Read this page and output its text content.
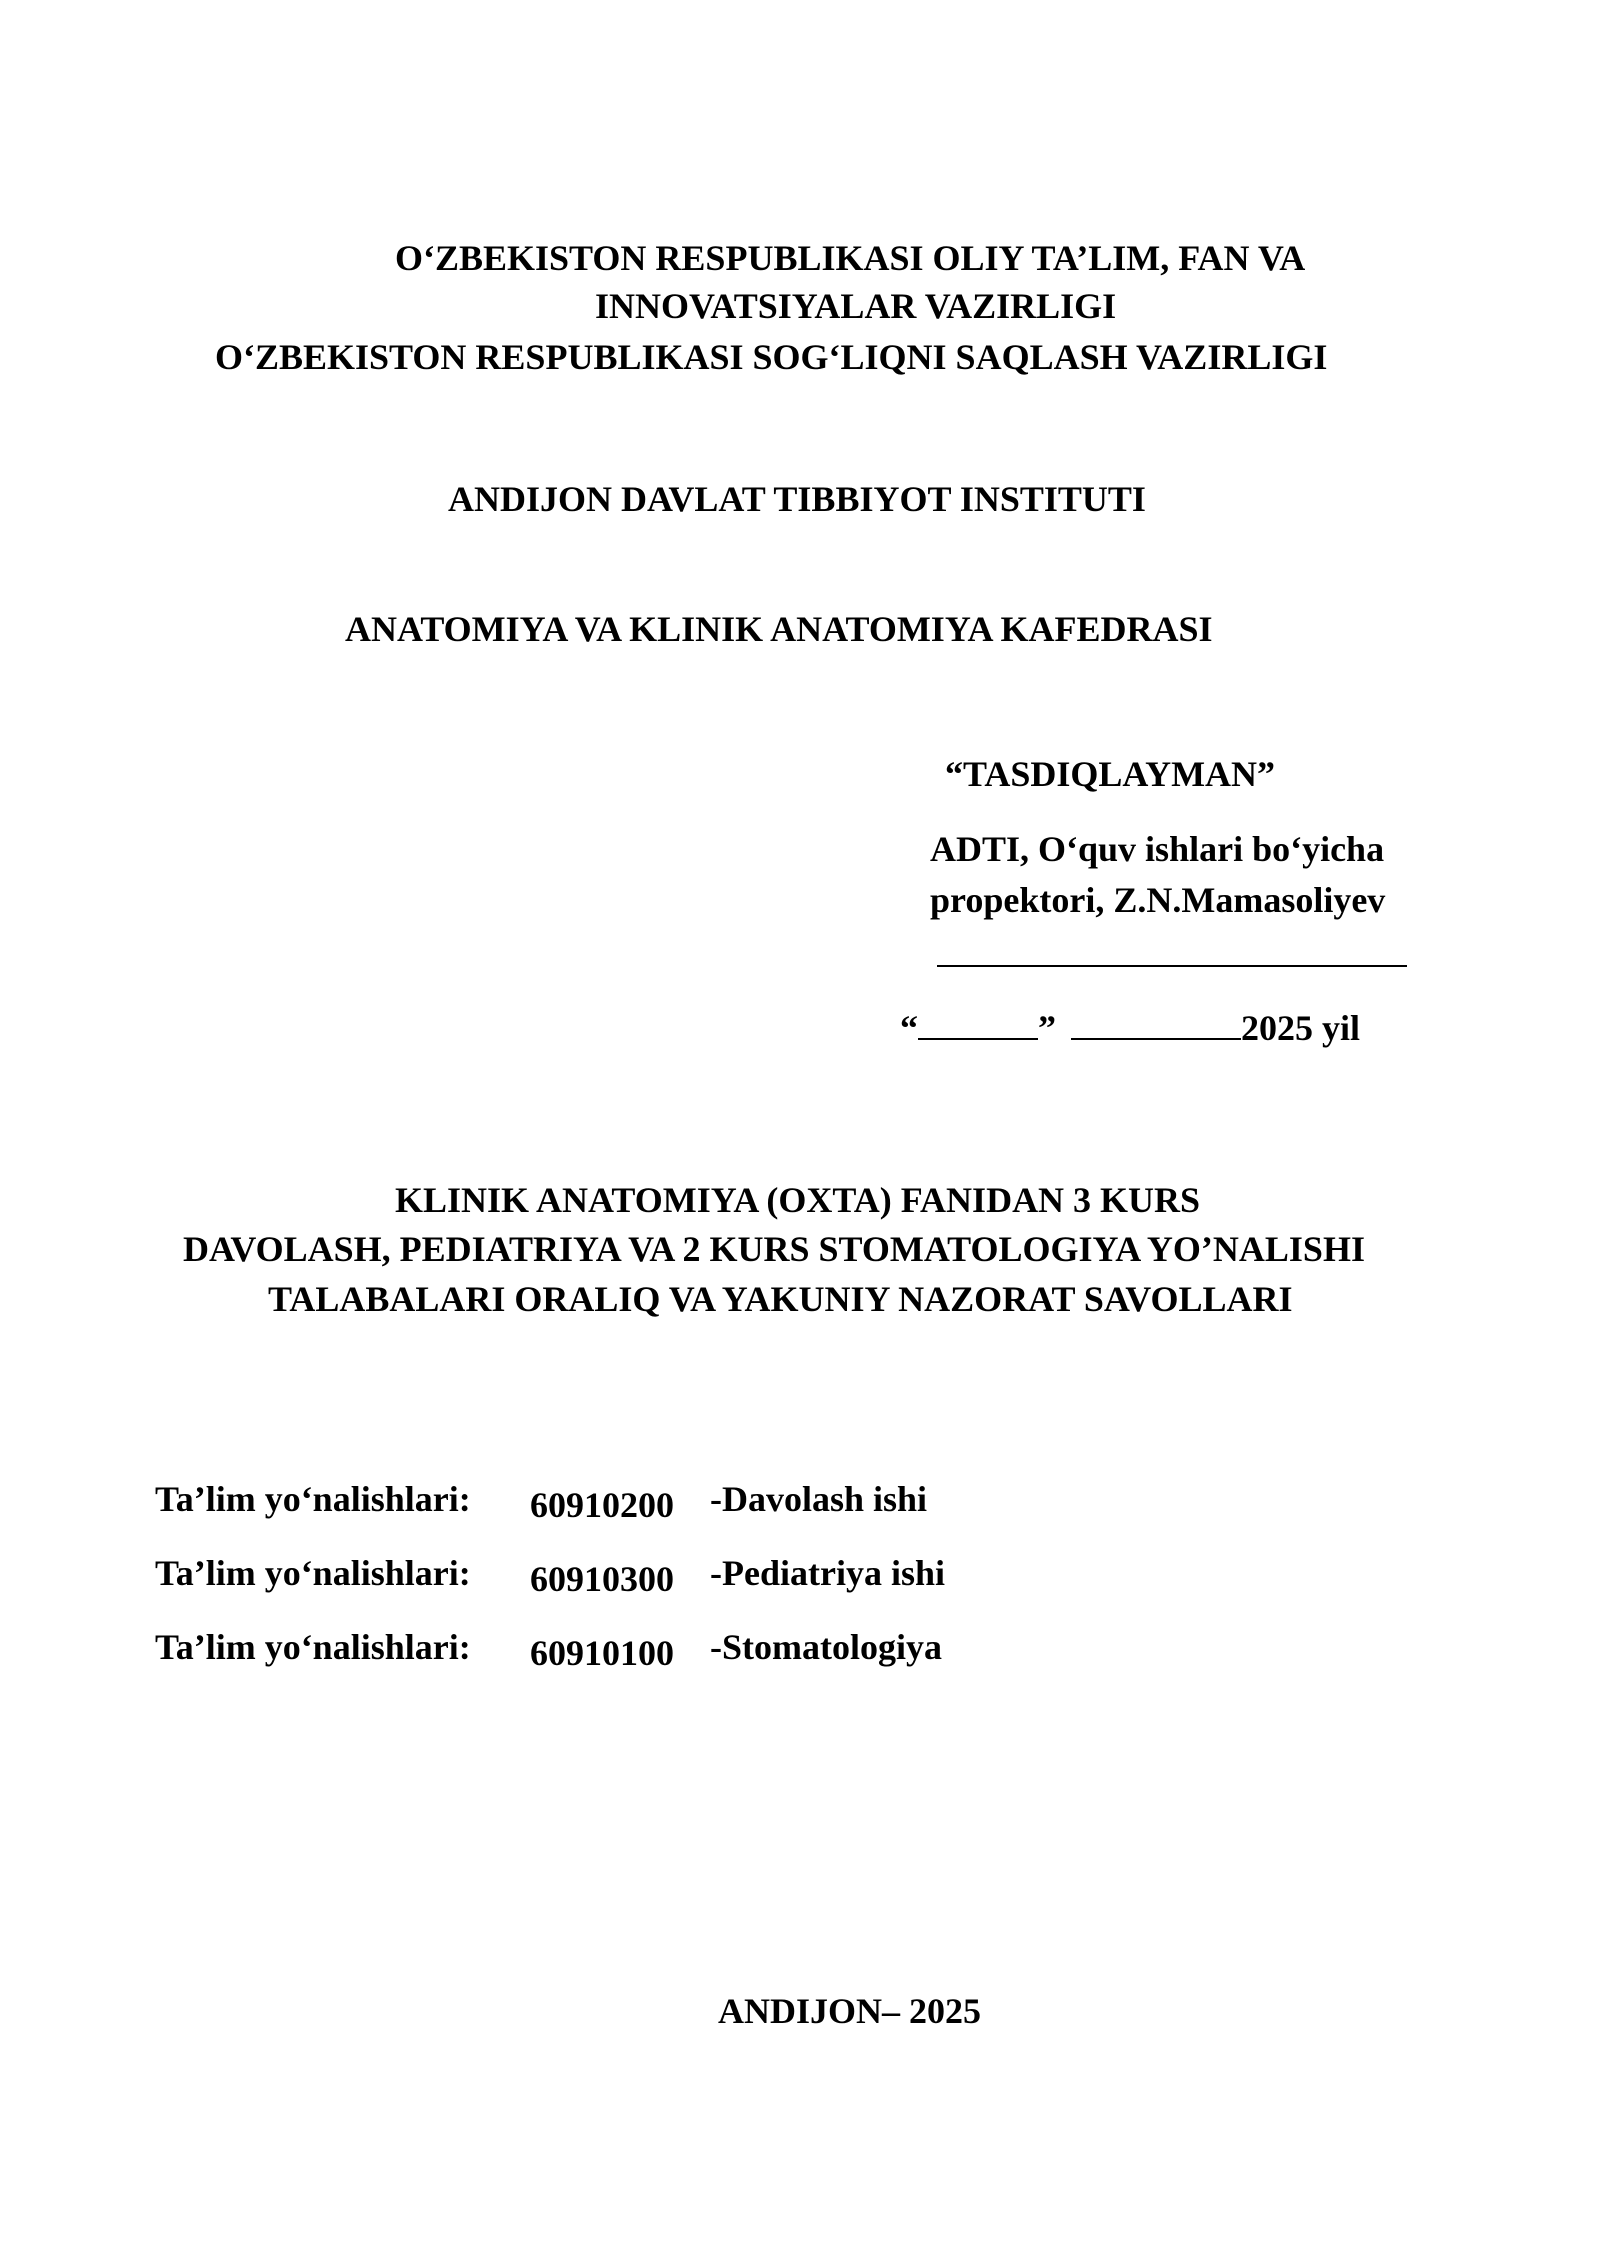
O‘ZBEKISTON RESPUBLIKASI OLIY TA’LIM, FAN VA
INNOVATSIYALAR VAZIRLIGI
O‘ZBEKISTON RESPUBLIKASI SOG‘LIQNI SAQLASH VAZIRLIGI
ANDIJON DAVLAT TIBBIYOT INSTITUTI
ANATOMIYA VA KLINIK ANATOMIYA KAFEDRASI
“TASDIQLAYMAN”
ADTI, O‘quv ishlari bo‘yicha
propektori, Z.N.Mamasoliyev
“	”	2025 yil
KLINIK ANATOMIYA (OXTA) FANIDAN 3 KURS
DAVOLASH, PEDIATRIYA VA 2 KURS STOMATOLOGIYA YO’NALISHI
TALABALARI ORALIQ VA YAKUNIY NAZORAT SAVOLLARI
Ta’lim yo‘nalishlari: 60910200 -Davolash ishi
Ta’lim yo‘nalishlari: 60910300 -Pediatriya ishi
Ta’lim yo‘nalishlari: 60910100 -Stomatologiya
ANDIJON– 2025
